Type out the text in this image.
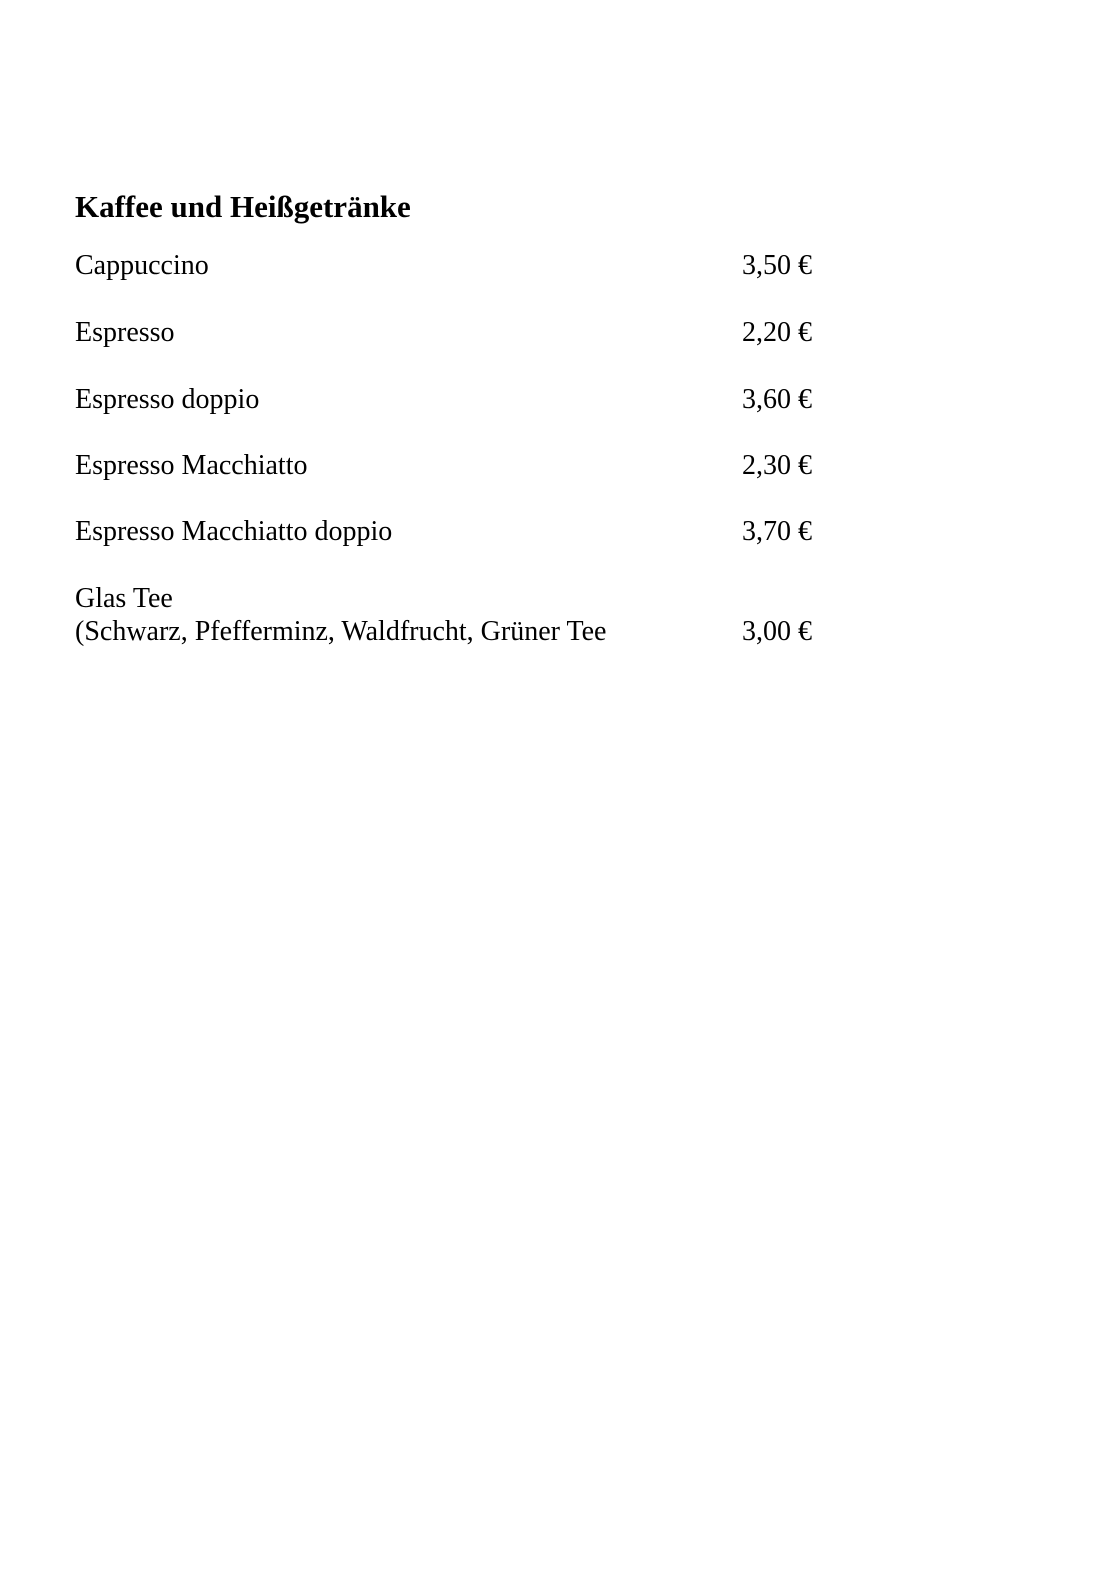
Kaffee und Heißgetränke

Cappuccino	3,50 €

Espresso	2,20 €

Espresso doppio	3,60 €

Espresso Macchiatto	2,30 €

Espresso Macchiatto doppio	3,70 €

Glas Tee

(Schwarz, Pfefferminz, Waldfrucht, Grüner Tee	3,00 €
